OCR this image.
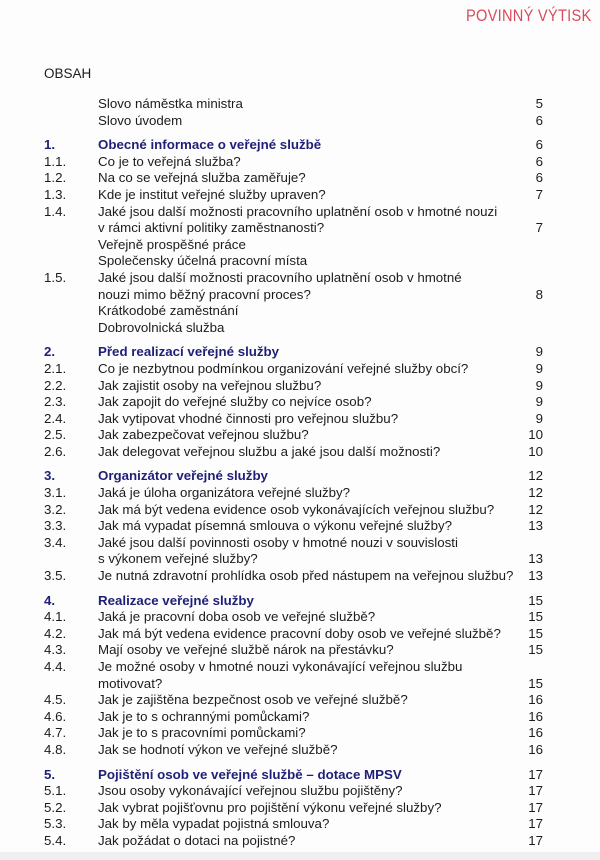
POVINNÝ VÝTISK
OBSAH
Slovo náměstka ministra	5
Slovo úvodem	6
1.	Obecné informace o veřejné službě	6
1.1. Co je to veřejná služba?	6
1.2. Na co se veřejná služba zaměřuje?	6
1.3. Kde je institut veřejné služby upraven?	7
1.4. Jaké jsou další možnosti pracovního uplatnění osob v hmotné nouzi
v rámci aktivní politiky zaměstnanosti?	7
Veřejně prospěšné práce
Společensky účelná pracovní místa
1.5. Jaké jsou další možnosti pracovního uplatnění osob v hmotné
nouzi mimo běžný pracovní proces?	8
Krátkodobé zaměstnání
Dobrovolnická služba
2.	Před realizací veřejné služby	9
2.1. Co je nezbytnou podmínkou organizování veřejné služby obcí?	9
2.2. Jak zajistit osoby na veřejnou službu?	9
2.3. Jak zapojit do veřejné služby co nejvíce osob?	9
2.4. Jak vytipovat vhodné činnosti pro veřejnou službu?	9
2.5. Jak zabezpečovat veřejnou službu?	10
2.6. Jak delegovat veřejnou službu a jaké jsou další možnosti?	10
3.	Organizátor veřejné služby	12
3.1. Jaká je úloha organizátora veřejné služby?	12
3.2. Jak má být vedena evidence osob vykonávajících veřejnou službu?	12
3.3. Jak má vypadat písemná smlouva o výkonu veřejné služby?	13
3.4. Jaké jsou další povinnosti osoby v hmotné nouzi v souvislosti
s výkonem veřejné služby?	13
3.5. Je nutná zdravotní prohlídka osob před nástupem na veřejnou službu? 13
4.	Realizace veřejné služby	15
4.1. Jaká je pracovní doba osob ve veřejné službě?	15
4.2. Jak má být vedena evidence pracovní doby osob ve veřejné službě? 15
4.3. Mají osoby ve veřejné službě nárok na přestávku?	15
4.4. Je možné osoby v hmotné nouzi vykonávající veřejnou službu
motivovat?	15
4.5. Jak je zajištěna bezpečnost osob ve veřejné službě?	16
4.6. Jak je to s ochrannými pomůckami?	16
4.7. Jak je to s pracovními pomůckami?	16
4.8. Jak se hodnotí výkon ve veřejné službě?	16
5.	Pojištění osob ve veřejné službě – dotace MPSV	17
5.1. Jsou osoby vykonávající veřejnou službu pojištěny?	17
5.2. Jak vybrat pojišťovnu pro pojištění výkonu veřejné služby?	17
5.3. Jak by měla vypadat pojistná smlouva?	17
5.4. Jak požádat o dotaci na pojistné?	17
